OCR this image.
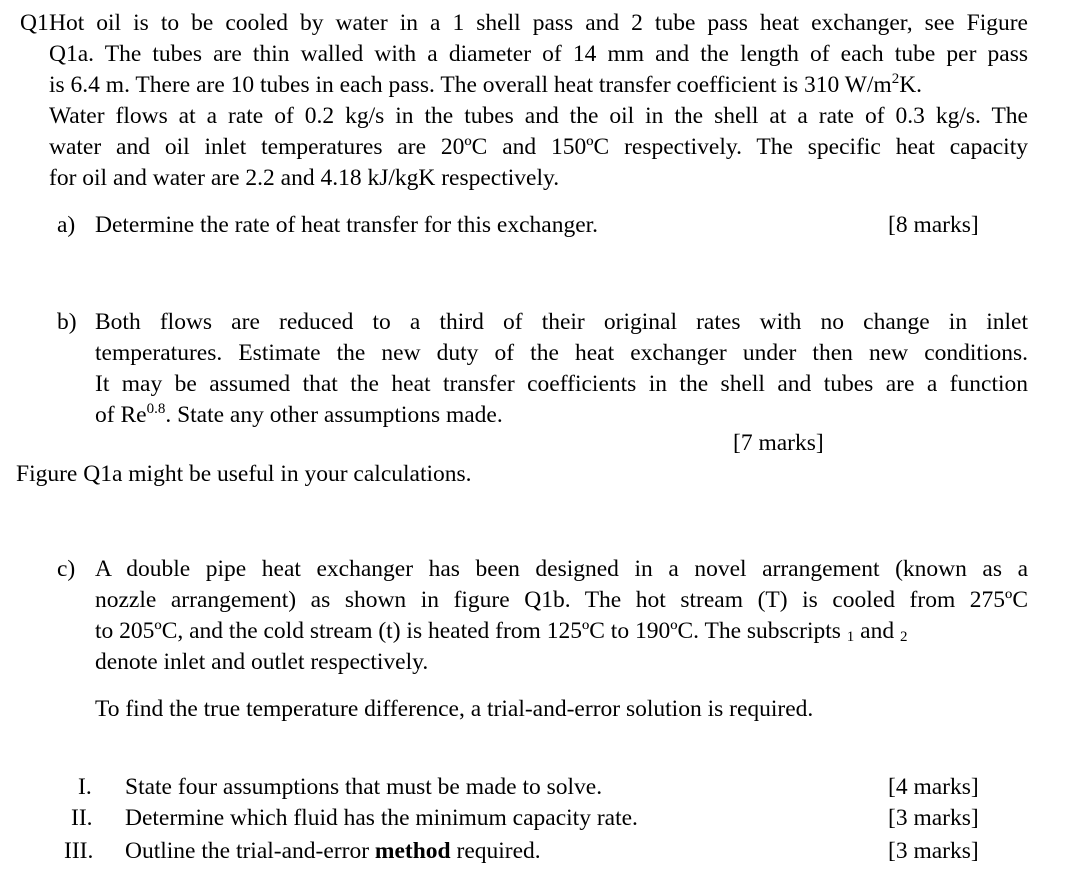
Q1 Hot oil is to be cooled by water in a 1 shell pass and 2 tube pass heat exchanger, see Figure
Q1a. The tubes are thin walled with a diameter of 14 mm and the length of each tube per pass
is 6.4 m. There are 10 tubes in each pass. The overall heat transfer coefficient is 310 $W/m^2K$.
Water flows at a rate of 0.2 kg/s in the tubes and the oil in the shell at a rate of 0.3 kg/s. The
water and oil inlet temperatures are 20ºC and 150ºC respectively. The specific heat capacity
for oil and water are 2.2 and 4.18 kJ/kgK respectively.
a) Determine the rate of heat transfer for this exchanger.	[8 marks]
b) Both flows are reduced to a third of their original rates with no change in inlet
temperatures. Estimate the new duty of the heat exchanger under then new conditions.
It may be assumed that the heat transfer coefficients in the shell and tubes are a function
of $Re^{0.8}$. State any other assumptions made.
[7 marks]
Figure Q1a might be useful in your calculations.
c) A double pipe heat exchanger has been designed in a novel arrangement (known as a
nozzle arrangement) as shown in figure Q1b. The hot stream (T) is cooled from 275ºC
to 205ºC, and the cold stream (t) is heated from 125ºC to 190ºC. The subscripts $_1$ and $_2$
denote inlet and outlet respectively.
To find the true temperature difference, a trial-and-error solution is required.
I. State four assumptions that must be made to solve.	[4 marks]
II. Determine which fluid has the minimum capacity rate.	[3 marks]
III. Outline the trial-and-error method required.	[3 marks]
